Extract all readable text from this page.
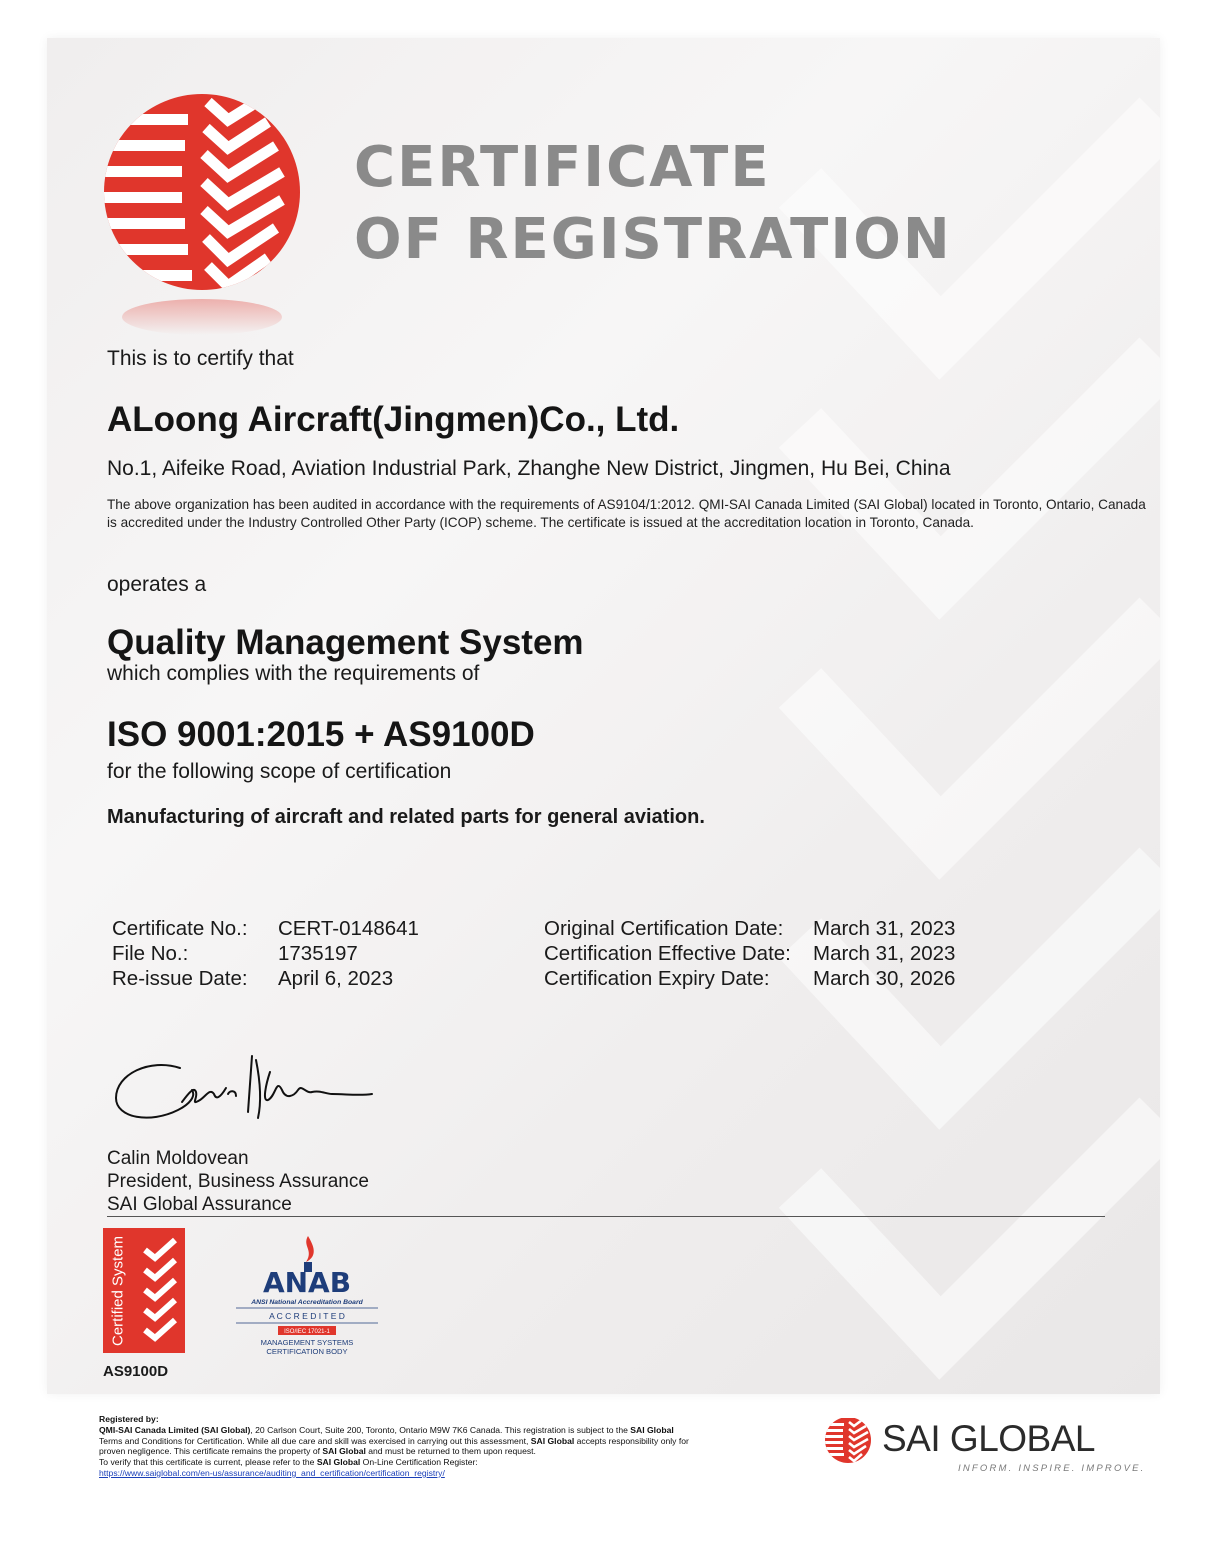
CERTIFICATE
OF REGISTRATION

This is to certify that

ALoong Aircraft(Jingmen)Co., Ltd.

No.1, Aifeike Road, Aviation Industrial Park, Zhanghe New District, Jingmen, Hu Bei, China

The above organization has been audited in accordance with the requirements of AS9104/1:2012. QMI-SAI Canada Limited (SAI Global) located in Toronto, Ontario, Canada is accredited under the Industry Controlled Other Party (ICOP) scheme. The certificate is issued at the accreditation location in Toronto, Canada.

operates a

Quality Management System

which complies with the requirements of

ISO 9001:2015 + AS9100D

for the following scope of certification

Manufacturing of aircraft and related parts for general aviation.

Certificate No.:
File No.:
Re-issue Date:
CERT-0148641
1735197
April 6, 2023
Original Certification Date:
Certification Effective Date:
Certification Expiry Date:
March 31, 2023
March 31, 2023
March 30, 2026
Calin Moldovean
President, Business Assurance
SAI Global Assurance
Certified System
AS9100D
ANAB
ANSI National Accreditation Board
A C C R E D I T E D
ISO/IEC 17021-1
MANAGEMENT SYSTEMS
CERTIFICATION BODY
Registered by:
QMI-SAI Canada Limited (SAI Global), 20 Carlson Court, Suite 200, Toronto, Ontario M9W 7K6 Canada. This registration is subject to the SAI Global
Terms and Conditions for Certification. While all due care and skill was exercised in carrying out this assessment, SAI Global accepts responsibility only for
proven negligence. This certificate remains the property of SAI Global and must be returned to them upon request.
To verify that this certificate is current, please refer to the SAI Global On-Line Certification Register:
https://www.saiglobal.com/en-us/assurance/auditing_and_certification/certification_registry/
SAI GLOBAL
INFORM. INSPIRE. IMPROVE.
